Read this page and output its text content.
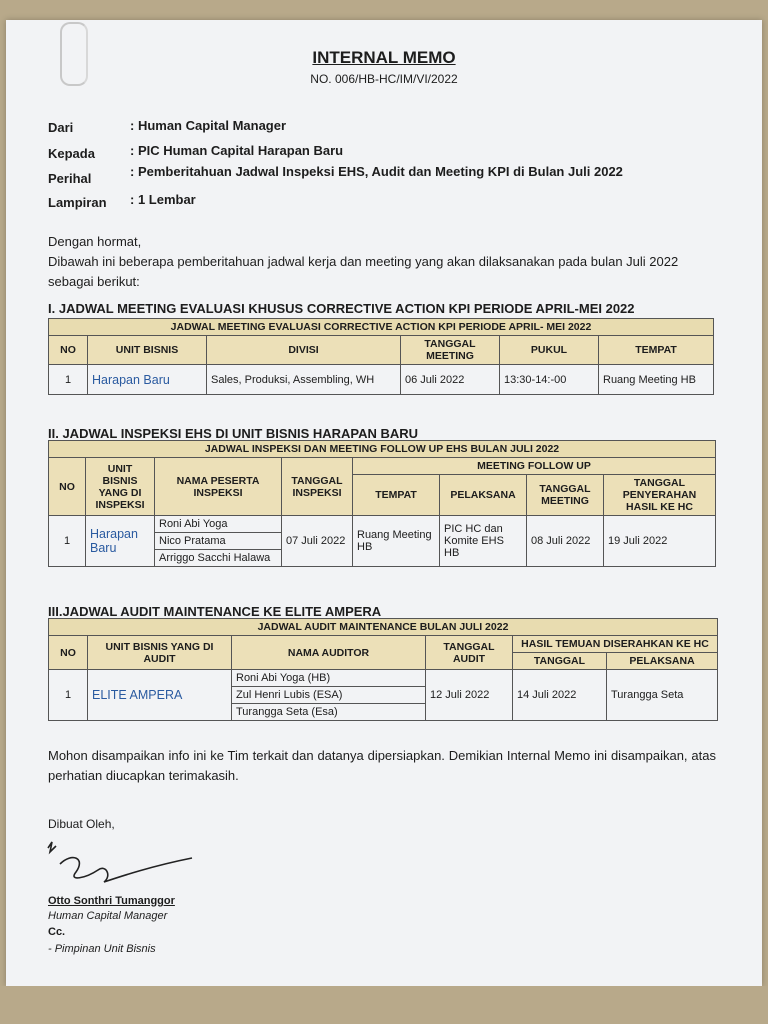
INTERNAL MEMO
NO. 006/HB-HC/IM/VI/2022
Dari	: Human Capital Manager
Kepada	: PIC Human Capital Harapan Baru
Perihal	: Pemberitahuan Jadwal Inspeksi EHS, Audit dan Meeting KPI di Bulan Juli 2022
Lampiran : 1 Lembar
Dengan hormat,
Dibawah ini beberapa pemberitahuan jadwal kerja dan meeting yang akan dilaksanakan pada bulan Juli 2022 sebagai berikut:
I. JADWAL MEETING EVALUASI KHUSUS CORRECTIVE ACTION KPI PERIODE APRIL-MEI 2022
JADWAL MEETING EVALUASI CORRECTIVE ACTION KPI PERIODE APRIL- MEI 2022					
NO	UNIT BISNIS	DIVISI	TANGGAL MEETING	PUKUL	TEMPAT
1	Harapan Baru	Sales, Produksi, Assembling, WH	06 Juli 2022	13:30-14:-00	Ruang Meeting HB
II. JADWAL INSPEKSI EHS DI UNIT BISNIS HARAPAN BARU
JADWAL INSPEKSI DAN MEETING FOLLOW UP EHS BULAN JULI 2022							
NO	UNIT BISNIS YANG DI INSPEKSI	NAMA PESERTA INSPEKSI	TANGGAL INSPEKSI	MEETING FOLLOW UP			
				TEMPAT	PELAKSANA	TANGGAL MEETING	TANGGAL PENYERAHAN HASIL KE HC
1	Harapan Baru	Roni Abi Yoga	07 Juli 2022	Ruang Meeting HB	PIC HC dan Komite EHS HB	08 Juli 2022	19 Juli 2022
		Nico Pratama					
		Arriggo Sacchi Halawa					
III.JADWAL AUDIT MAINTENANCE KE ELITE AMPERA
JADWAL AUDIT MAINTENANCE BULAN JULI 2022					
NO	UNIT BISNIS YANG DI AUDIT	NAMA AUDITOR	TANGGAL AUDIT	HASIL TEMUAN DISERAHKAN KE HC	
				TANGGAL	PELAKSANA
1	ELITE AMPERA	Roni Abi Yoga (HB)	12 Juli 2022	14 Juli 2022	Turangga Seta
		Zul Henri Lubis (ESA)			
		Turangga Seta (Esa)			
Mohon disampaikan info ini ke Tim terkait dan datanya dipersiapkan. Demikian Internal Memo ini disampaikan, atas perhatian diucapkan terimakasih.
Dibuat Oleh,
Otto Sonthri Tumanggor
Human Capital Manager
Cc.
- Pimpinan Unit Bisnis
